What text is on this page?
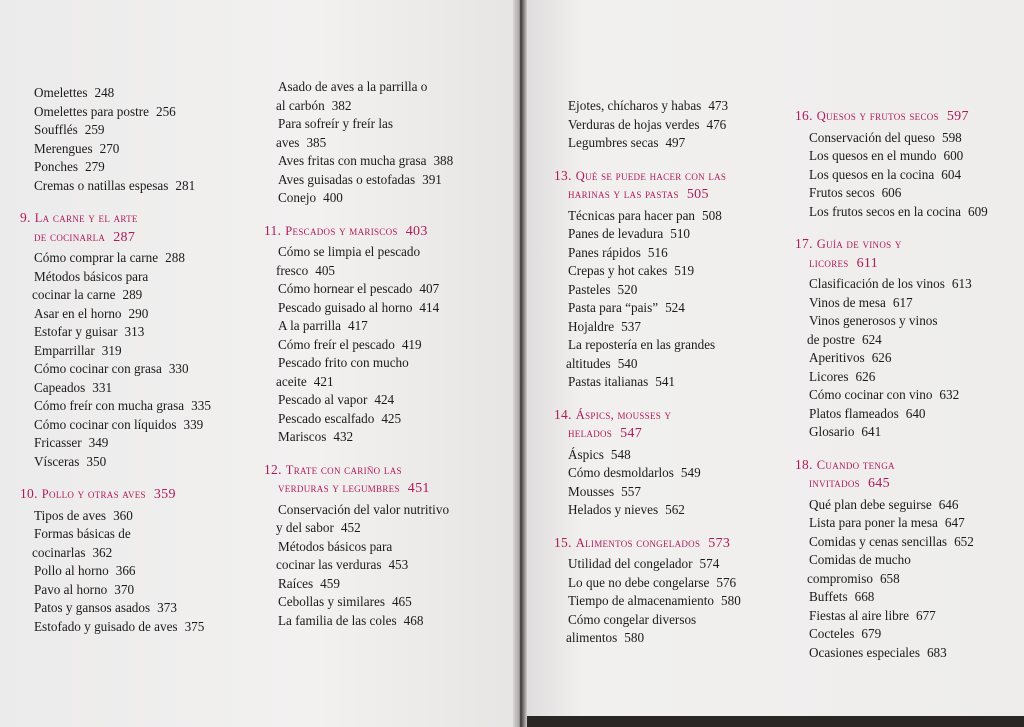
Omelettes 248
Omelettes para postre 256
Soufflés 259
Merengues 270
Ponches 279
Cremas o natillas espesas 281
9. La carne y el arte
de cocinarla 287
Cómo comprar la carne 288
Métodos básicos para
cocinar la carne 289
Asar en el horno 290
Estofar y guisar 313
Emparrillar 319
Cómo cocinar con grasa 330
Capeados 331
Cómo freír con mucha grasa 335
Cómo cocinar con líquidos 339
Fricasser 349
Vísceras 350
10. Pollo y otras aves 359
Tipos de aves 360
Formas básicas de
cocinarlas 362
Pollo al horno 366
Pavo al horno 370
Patos y gansos asados 373
Estofado y guisado de aves 375
Asado de aves a la parrilla o
al carbón 382
Para sofreír y freír las
aves 385
Aves fritas con mucha grasa 388
Aves guisadas o estofadas 391
Conejo 400
11. Pescados y mariscos 403
Cómo se limpia el pescado
fresco 405
Cómo hornear el pescado 407
Pescado guisado al horno 414
A la parrilla 417
Cómo freír el pescado 419
Pescado frito con mucho
aceite 421
Pescado al vapor 424
Pescado escalfado 425
Mariscos 432
12. Trate con cariño las
verduras y legumbres 451
Conservación del valor nutritivo
y del sabor 452
Métodos básicos para
cocinar las verduras 453
Raíces 459
Cebollas y similares 465
La familia de las coles 468
Ejotes, chícharos y habas 473
Verduras de hojas verdes 476
Legumbres secas 497
13. Qué se puede hacer con las
harinas y las pastas 505
Técnicas para hacer pan 508
Panes de levadura 510
Panes rápidos 516
Crepas y hot cakes 519
Pasteles 520
Pasta para “pais” 524
Hojaldre 537
La repostería en las grandes
altitudes 540
Pastas italianas 541
14. Áspics, mousses y
helados 547
Áspics 548
Cómo desmoldarlos 549
Mousses 557
Helados y nieves 562
15. Alimentos congelados 573
Utilidad del congelador 574
Lo que no debe congelarse 576
Tiempo de almacenamiento 580
Cómo congelar diversos
alimentos 580
16. Quesos y frutos secos 597
Conservación del queso 598
Los quesos en el mundo 600
Los quesos en la cocina 604
Frutos secos 606
Los frutos secos en la cocina 609
17. Guía de vinos y
licores 611
Clasificación de los vinos 613
Vinos de mesa 617
Vinos generosos y vinos
de postre 624
Aperitivos 626
Licores 626
Cómo cocinar con vino 632
Platos flameados 640
Glosario 641
18. Cuando tenga
invitados 645
Qué plan debe seguirse 646
Lista para poner la mesa 647
Comidas y cenas sencillas 652
Comidas de mucho
compromiso 658
Buffets 668
Fiestas al aire libre 677
Cocteles 679
Ocasiones especiales 683
